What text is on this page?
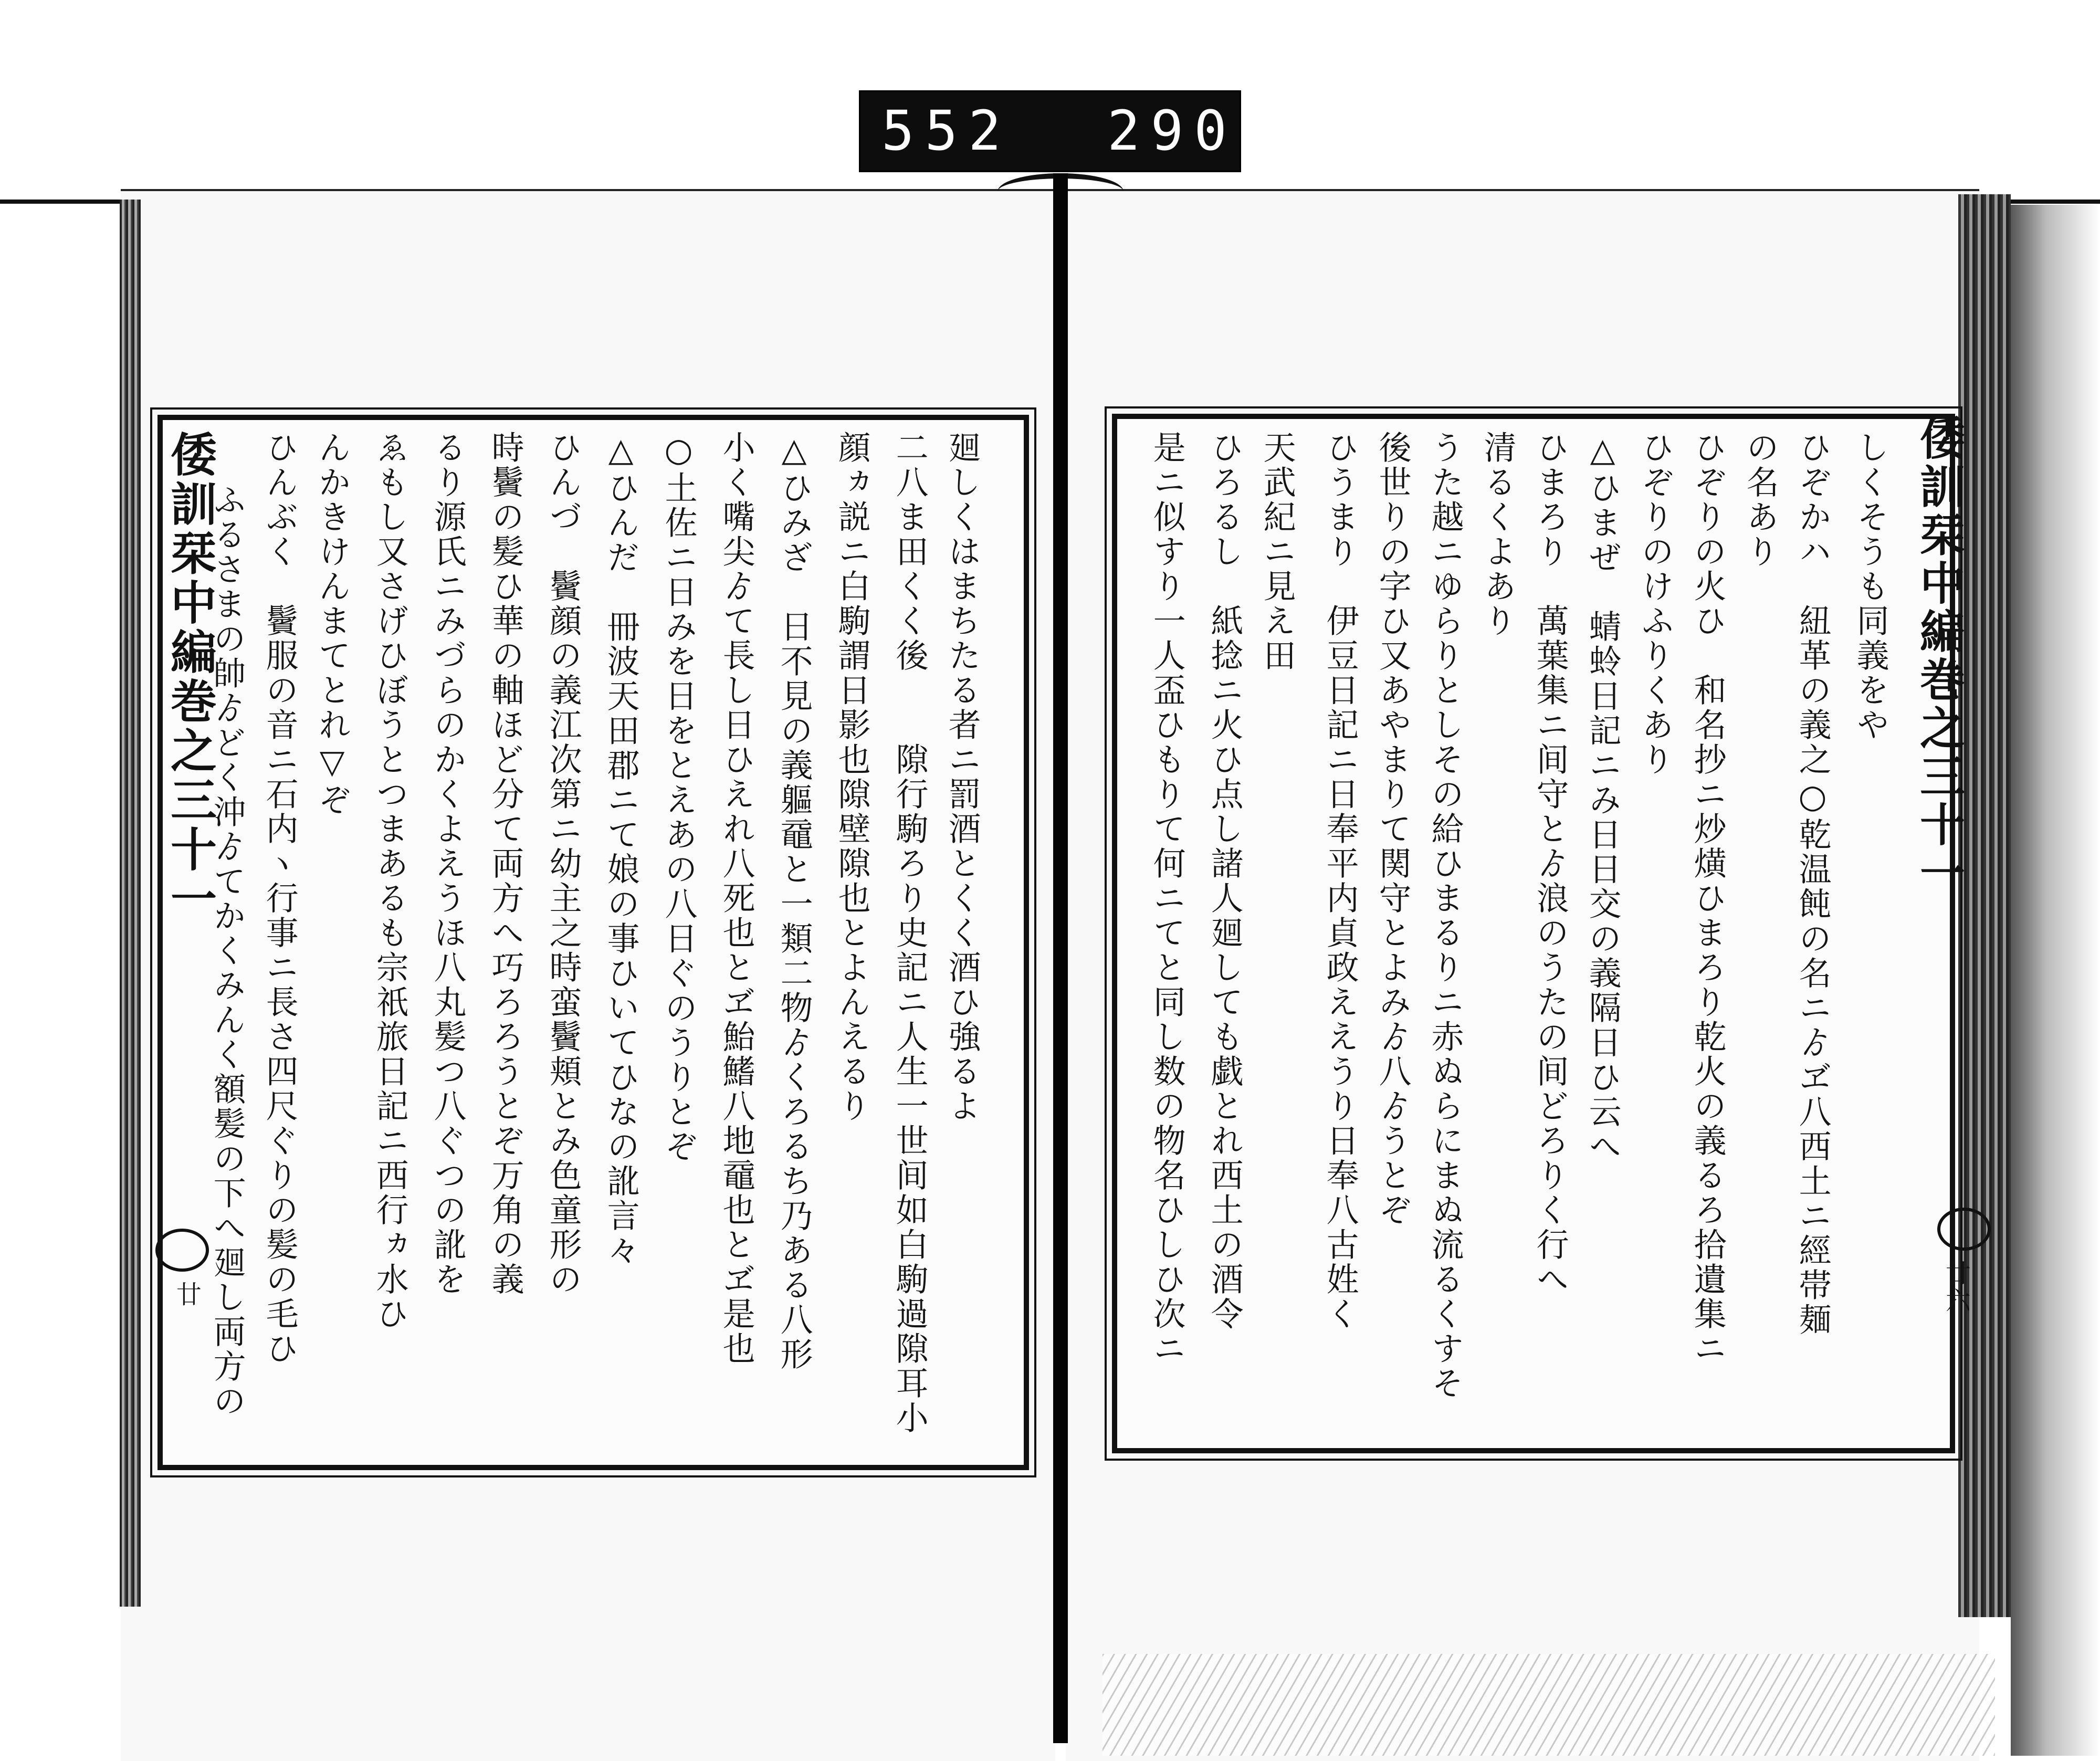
552 290.
倭訓栞中編巻之三十一	倭訓栞中編巻之三十一
廿	廿六
廻しくはまちたる者ニ罰酒とくく酒ひ強るよ
二八ま田くく後　　隙行駒ろり史記ニ人生一世间如白駒過隙耳小
顔ヵ説ニ白駒謂日影也隙壁隙也とよんえるり
△ひみざ　日不見の義軀黿と一類二物ゟくろるち乃ある八形
小く嘴尖ゟて長し日ひえれ八死也とヹ鮐鰭八地黿也とヹ是也
○土佐ニ日みを日をとえあの八日ぐのうりとぞ
△ひんだ　冊波天田郡ニて娘の事ひいてひなの訛言々
ひんづ　鬢顔の義江次第ニ幼主之時蛮鬢頬とみ色童形の
時鬢の髪ひ華の軸ほど分て両方へ巧ろろうとぞ万角の義
るり源氏ニみづらのかくよえうほ八丸髪つ八ぐつの訛を
ゑもし又さげひぼうとつまあるも宗祇旅日記ニ西行ヵ水ひ
んかきけんまてとれ▽ぞ
ひんぶく　鬢服の音ニ石内ヽ行事ニ長さ四尺ぐりの髪の毛ひ
ふるさまの帥ゟどく沖ゟてかくみんく額髪の下へ廻し両方の	しくそうも同義をや
ひぞかハ　紐革の義之○乾温飩の名ニゟヹ八西土ニ經帯麺
の名あり
ひぞりの火ひ　和名抄ニ炒熿ひまろり乾火の義るろ拾遺集ニ
ひぞりのけふりくあり
△ひまぜ　蜻蛉日記ニみ日日交の義隔日ひ云へ
ひまろり　萬葉集ニ间守とゟ浪のうたの间どろりく行へ
清るくよあり
うた越ニゆらりとしその給ひまるりニ赤ぬらにまぬ流るくすそ
後世りの字ひ又あやまりて関守とよみゟ八ゟうとぞ
ひうまり　伊豆日記ニ日奉平内貞政ええうり日奉八古姓く
天武紀ニ見え田
ひろるし　紙捻ニ火ひ点し諸人廻しても戯とれ西土の酒令
是ニ似すり一人盃ひもりて何ニてと同し数の物名ひしひ次ニ
